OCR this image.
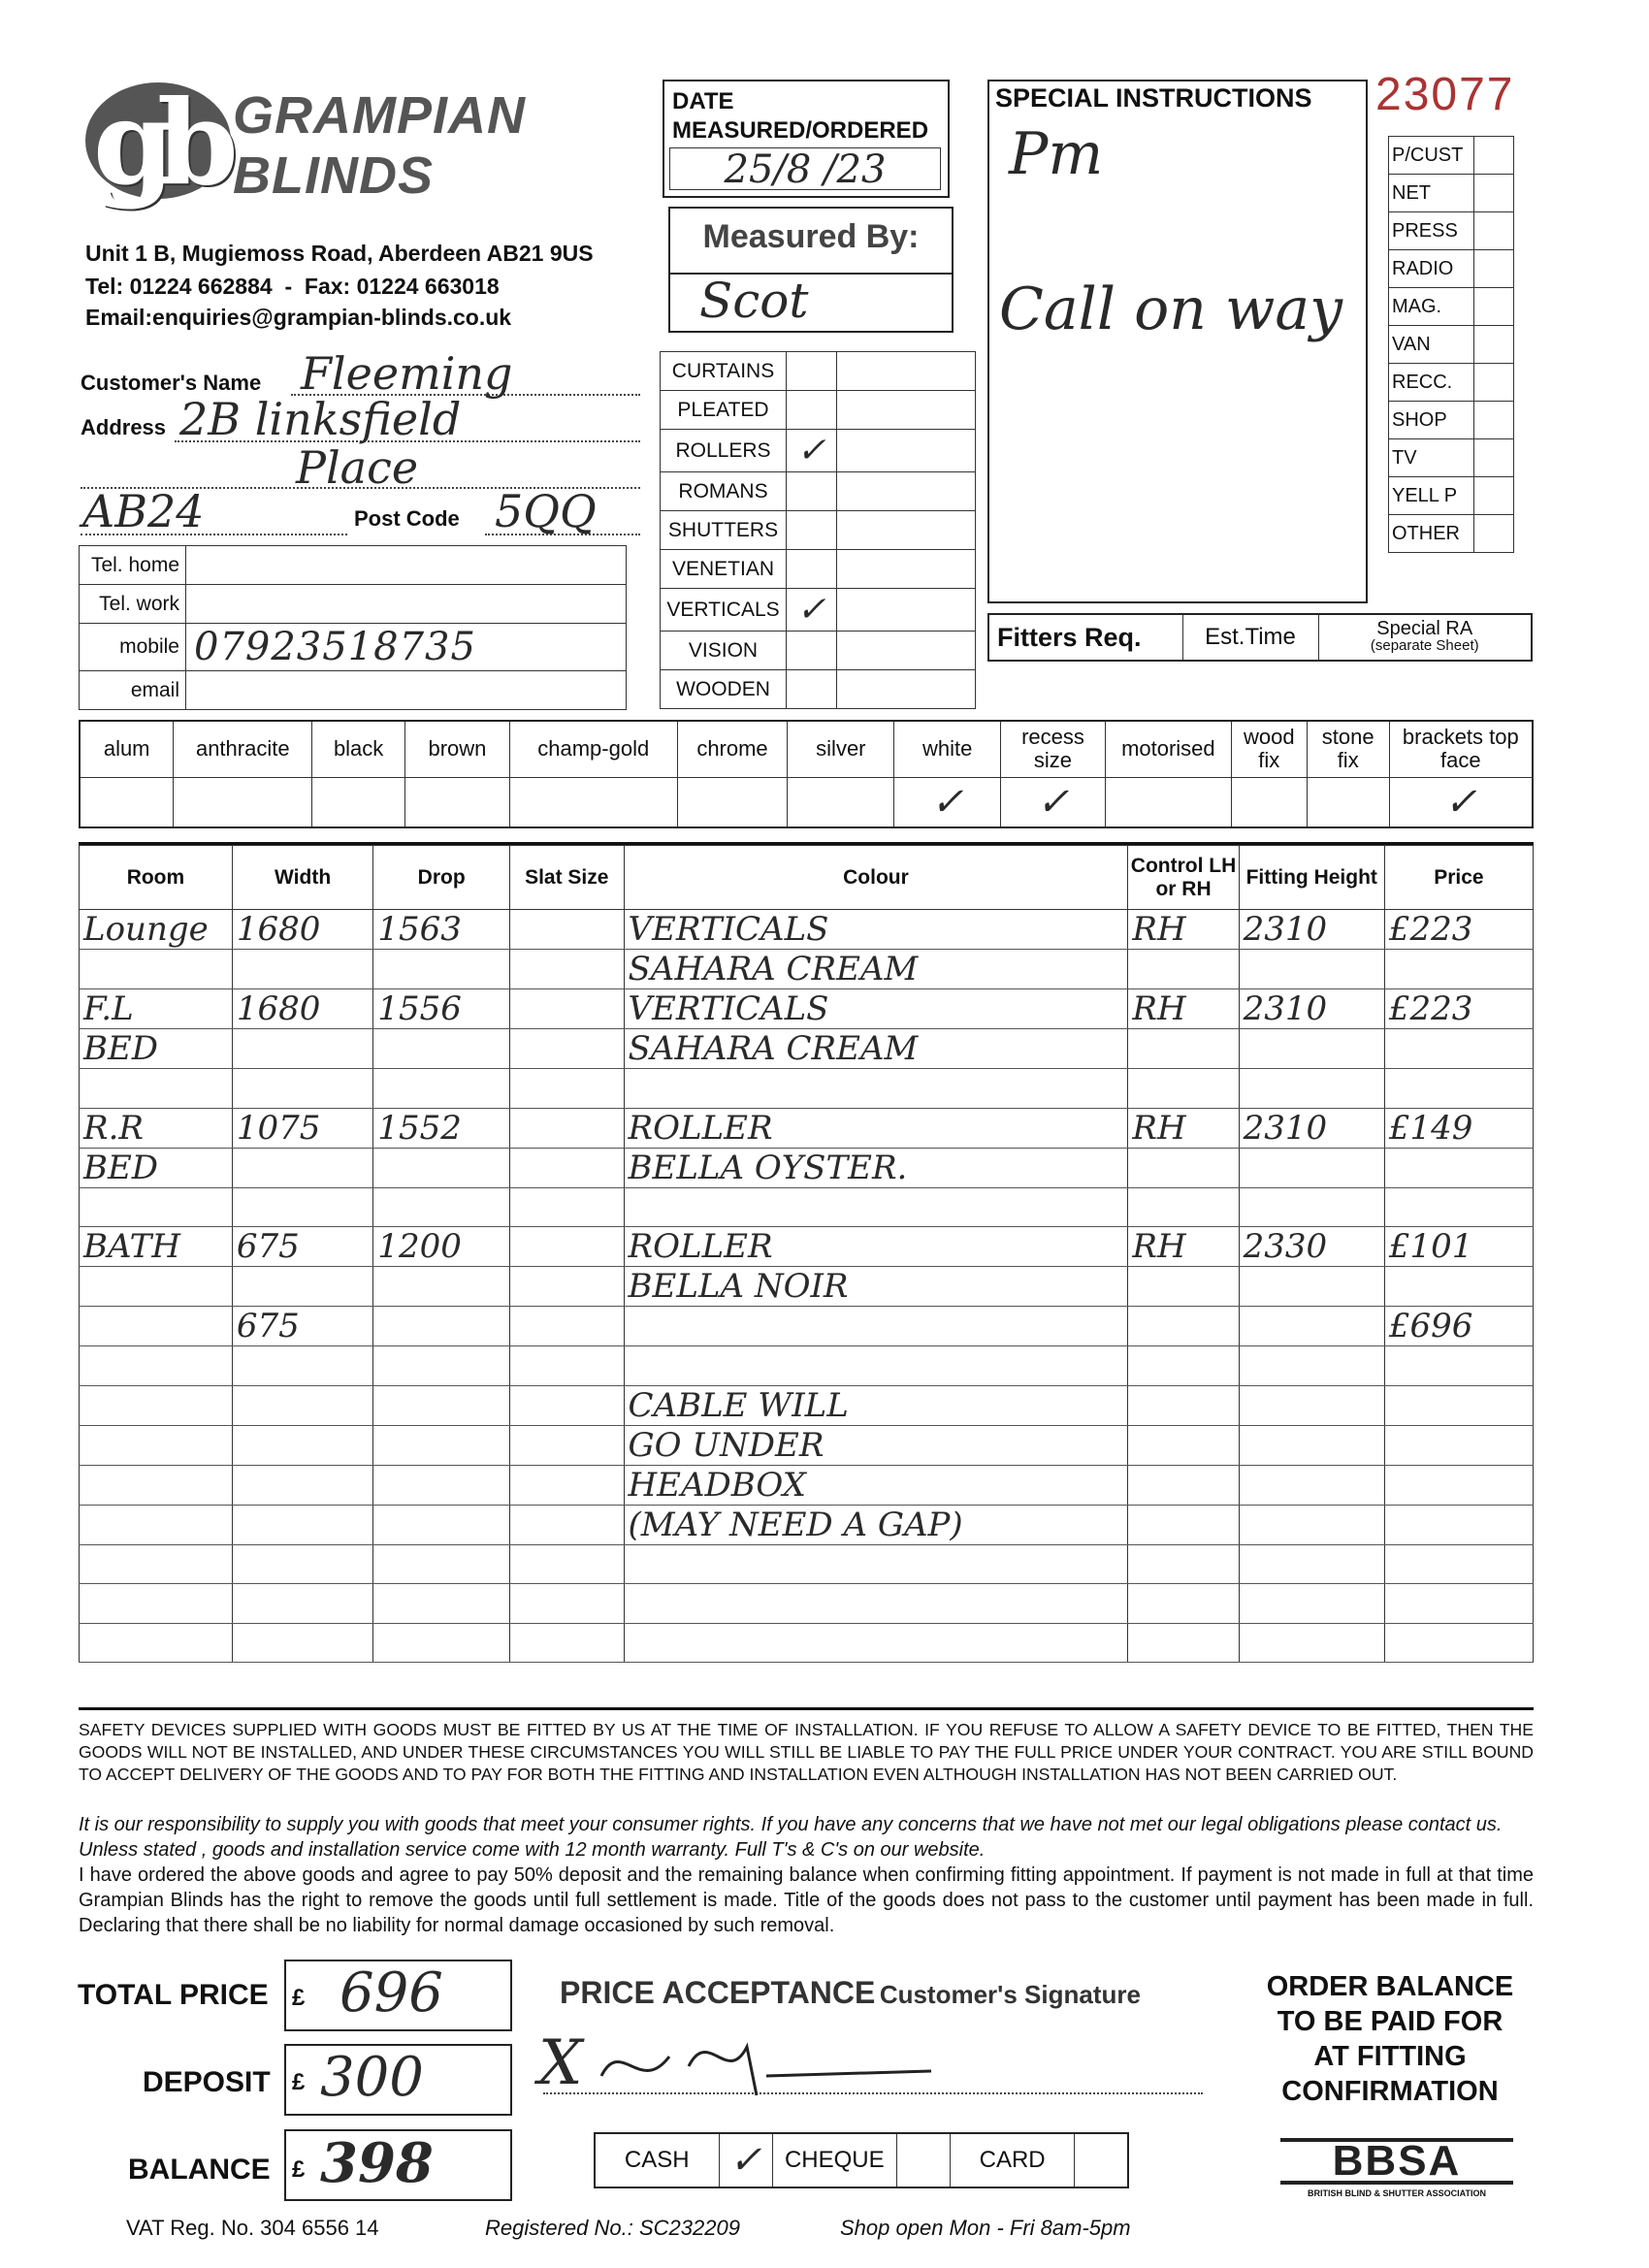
gb GRAMPIAN
BLINDS
Unit 1 B, Mugiemoss Road, Aberdeen AB21 9US
Tel: 01224 662884  -  Fax: 01224 663018
Email:enquiries@grampian-blinds.co.uk
Customer's Name Fleeming
Address 2B linksfield
Place
AB24	Post Code 5QQ
Tel. home	
Tel. work	
mobile	07923518735
email	
DATE MEASURED/ORDERED
25/8 /23
Measured By:
Scot
CURTAINS		
PLEATED		
ROLLERS	✓	
ROMANS		
SHUTTERS		
VENETIAN		
VERTICALS	✓	
VISION		
WOODEN		
SPECIAL INSTRUCTIONS
Pm
Call on way
23077
P/CUST	
NET	
PRESS	
RADIO	
MAG.	
VAN	
RECC.	
SHOP	
TV	
YELL P	
OTHER	
Fitters Req.	Est.Time	Special RA
(separate Sheet)
alum	anthracite	black	brown	champ-gold	chrome	silver	white	recess size	motorised	wood fix	stone fix	brackets top face
							✓	✓				✓
Room	Width	Drop	Slat Size	Colour	Control LH or RH	Fitting Height	Price
Lounge	1680	1563		VERTICALS	RH	2310	£223
				SAHARA CREAM			
F.L	1680	1556		VERTICALS	RH	2310	£223
BED				SAHARA CREAM			

R.R	1075	1552		ROLLER	RH	2310	£149
BED				BELLA OYSTER.			

BATH	675	1200		ROLLER	RH	2330	£101
				BELLA NOIR			
	675						£696

				CABLE WILL			
				GO UNDER			
				HEADBOX			
				(MAY NEED A GAP)			

SAFETY DEVICES SUPPLIED WITH GOODS MUST BE FITTED BY US AT THE TIME OF INSTALLATION. IF YOU REFUSE TO ALLOW A SAFETY DEVICE TO BE FITTED, THEN THE GOODS WILL NOT BE INSTALLED, AND UNDER THESE CIRCUMSTANCES YOU WILL STILL BE LIABLE TO PAY THE FULL PRICE UNDER YOUR CONTRACT. YOU ARE STILL BOUND TO ACCEPT DELIVERY OF THE GOODS AND TO PAY FOR BOTH THE FITTING AND INSTALLATION EVEN ALTHOUGH INSTALLATION HAS NOT BEEN CARRIED OUT.
It is our responsibility to supply you with goods that meet your consumer rights. If you have any concerns that we have not met our legal obligations please contact us. Unless stated , goods and installation service come with 12 month warranty. Full T's & C's on our website.
I have ordered the above goods and agree to pay 50% deposit and the remaining balance when confirming fitting appointment. If payment is not made in full at that time Grampian Blinds has the right to remove the goods until full settlement is made. Title of the goods does not pass to the customer until payment has been made in full. Declaring that there shall be no liability for normal damage occasioned by such removal.
TOTAL PRICE £ 696
DEPOSIT £ 300
BALANCE £ 398
PRICE ACCEPTANCE Customer's Signature
X
CASH	✓	CHEQUE		CARD	
ORDER BALANCE
TO BE PAID FOR
AT FITTING
CONFIRMATION
BBSA
BRITISH BLIND & SHUTTER ASSOCIATION
VAT Reg. No. 304 6556 14	Registered No.: SC232209	Shop open Mon - Fri 8am-5pm
